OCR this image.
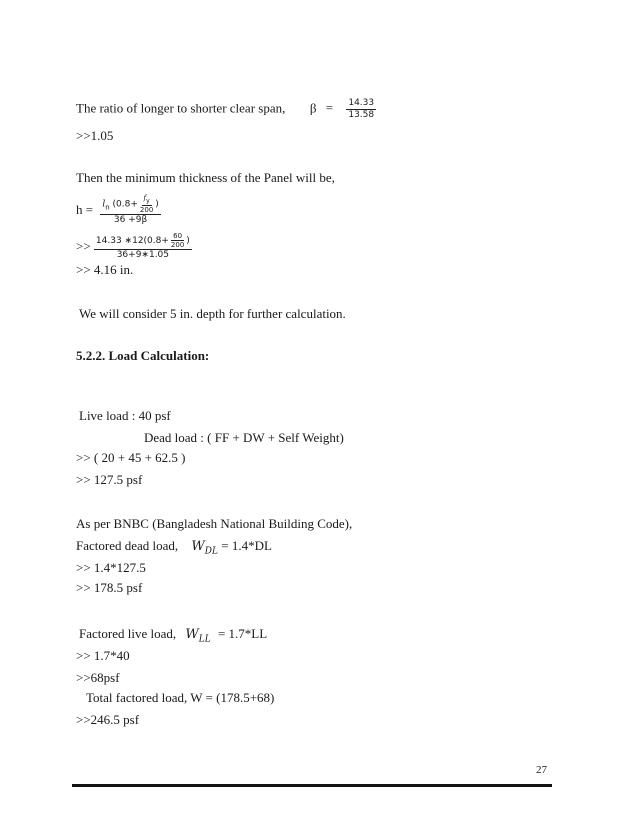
The ratio of longer to shorter clear span, $\beta = \frac{14.33}{13.58}$
>>1.05
Then the minimum thickness of the Panel will be,
$h = \frac{l_n (0.8+ \frac{f_y}{200} )}{36 +9\beta}$
>> $\frac{14.33 ∗12(0.8+ \frac{60}{200} )}{36+9∗1.05}$
>> 4.16 in.
We will consider 5 in. depth for further calculation.
5.2.2. Load Calculation:
Live load : 40 psf
Dead load : ( FF + DW + Self Weight)
>> ( 20 + 45 + 62.5 )
>> 127.5 psf
As per BNBC (Bangladesh National Building Code),
Factored dead load, $W_{DL} = 1.4*DL$
>> 1.4*127.5
>> 178.5 psf
Factored live load, $W_{LL} = 1.7*LL$
>> 1.7*40
>>68psf
Total factored load, W = (178.5+68)
>>246.5 psf
27
